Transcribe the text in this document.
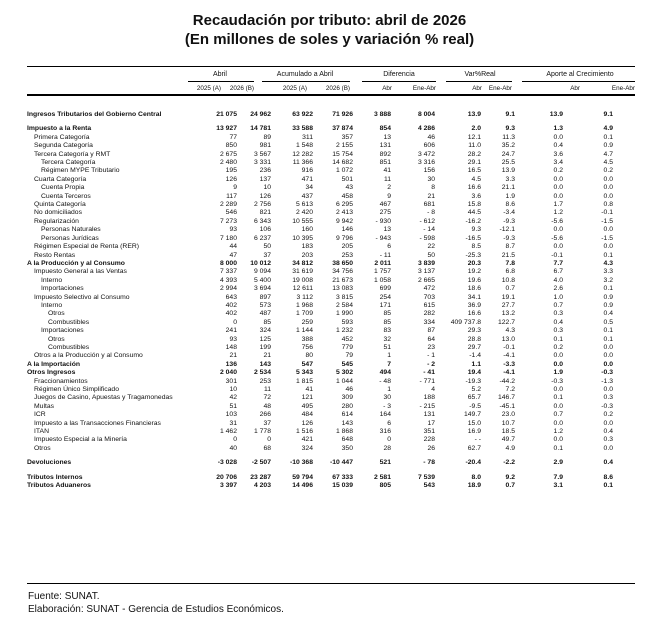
Recaudación por tributo: abril de 2026
(En millones de soles y variación % real)
Abril	Acumulado a Abril	Diferencia	Var%Real	Aporte al Crecimiento
2025 (A)	2026 (B)	2025 (A)	2026 (B)	Abr	Ene-Abr	Abr	Ene-Abr	Abr	Ene-Abr
Ingresos Tributarios del Gobierno Central	21 075	24 962	63 922	71 926	3 888	8 004	13.9	9.1	13.9	9.1

Impuesto a la Renta	13 927	14 781	33 588	37 874	854	4 286	2.0	9.3	1.3	4.9
Primera Categoría	77	89	311	357	13	46	12.1	11.3	0.0	0.1
Segunda Categoría	850	981	1 548	2 155	131	606	11.0	35.2	0.4	0.9
Tercera Categoría y RMT	2 675	3 567	12 282	15 754	892	3 472	28.2	24.7	3.6	4.7
Tercera Categoría	2 480	3 331	11 366	14 682	851	3 316	29.1	25.5	3.4	4.5
Régimen MYPE Tributario	195	236	916	1 072	41	156	16.5	13.9	0.2	0.2
Cuarta Categoría	126	137	471	501	11	30	4.5	3.3	0.0	0.0
Cuenta Propia	9	10	34	43	2	8	16.6	21.1	0.0	0.0
Cuenta Terceros	117	126	437	458	9	21	3.6	1.9	0.0	0.0
Quinta Categoría	2 289	2 756	5 613	6 295	467	681	15.8	8.6	1.7	0.8
No domiciliados	546	821	2 420	2 413	275	- 8	44.5	-3.4	1.2	-0.1
Regularización	7 273	6 343	10 555	9 942	- 930	- 612	-16.2	-9.3	-5.6	-1.5
Personas Naturales	93	106	160	146	13	- 14	9.3	-12.1	0.0	0.0
Personas Jurídicas	7 180	6 237	10 395	9 796	- 943	- 598	-16.5	-9.3	-5.6	-1.5
Régimen Especial de Renta (RER)	44	50	183	205	6	22	8.5	8.7	0.0	0.0
Resto Rentas	47	37	203	253	- 11	50	-25.3	21.5	-0.1	0.1
A la Producción y al Consumo	8 000	10 012	34 812	38 650	2 011	3 839	20.3	7.8	7.7	4.3
Impuesto General a las Ventas	7 337	9 094	31 619	34 756	1 757	3 137	19.2	6.8	6.7	3.3
Interno	4 393	5 400	19 008	21 673	1 058	2 665	19.6	10.8	4.0	3.2
Importaciones	2 994	3 694	12 611	13 083	699	472	18.6	0.7	2.6	0.1
Impuesto Selectivo al Consumo	643	897	3 112	3 815	254	703	34.1	19.1	1.0	0.9
Interno	402	573	1 968	2 584	171	615	36.9	27.7	0.7	0.9
Otros	402	487	1 709	1 990	85	282	16.6	13.2	0.3	0.4
Combustibles	0	85	259	593	85	334	409 737.8	122.7	0.4	0.5
Importaciones	241	324	1 144	1 232	83	87	29.3	4.3	0.3	0.1
Otros	93	125	388	452	32	64	28.8	13.0	0.1	0.1
Combustibles	148	199	756	779	51	23	29.7	-0.1	0.2	0.0
Otros a la Producción y al Consumo	21	21	80	79	1	- 1	-1.4	-4.1	0.0	0.0
A la Importación	136	143	547	545	7	- 2	1.1	-3.3	0.0	0.0
Otros Ingresos	2 040	2 534	5 343	5 302	494	- 41	19.4	-4.1	1.9	-0.3
Fraccionamientos	301	253	1 815	1 044	- 48	- 771	-19.3	-44.2	-0.3	-1.3
Régimen Único Simplificado	10	11	41	46	1	4	5.2	7.2	0.0	0.0
Juegos de Casino, Apuestas y Tragamonedas	42	72	121	309	30	188	65.7	146.7	0.1	0.3
Multas	51	48	495	280	- 3	- 215	-9.5	-45.1	0.0	-0.3
ICR	103	266	484	614	164	131	149.7	23.0	0.7	0.2
Impuesto a las Transacciones Financieras	31	37	126	143	6	17	15.0	10.7	0.0	0.0
ITAN	1 462	1 778	1 516	1 868	316	351	16.9	18.5	1.2	0.4
Impuesto Especial a la Minería	0	0	421	648	0	228	- -	49.7	0.0	0.3
Otros	40	68	324	350	28	26	62.7	4.9	0.1	0.0

Devoluciones	-3 028	-2 507	-10 368	-10 447	521	- 78	-20.4	-2.2	2.9	0.4

Tributos Internos	20 706	23 287	59 794	67 333	2 581	7 539	8.0	9.2	7.9	8.6
Tributos Aduaneros	3 397	4 203	14 496	15 039	805	543	18.9	0.7	3.1	0.1
Fuente: SUNAT.
Elaboración: SUNAT - Gerencia de Estudios Económicos.
